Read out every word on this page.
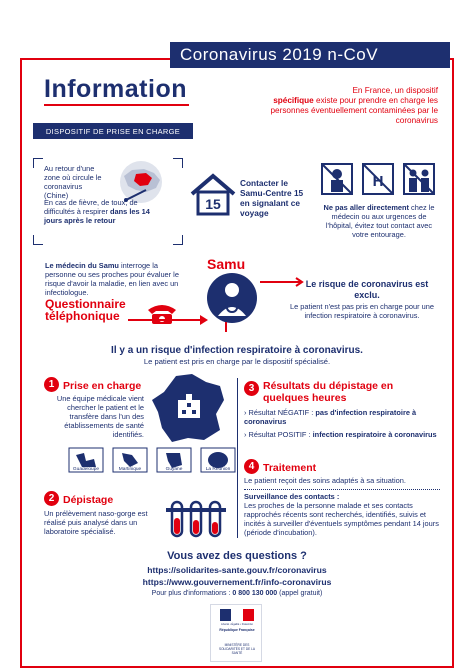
Coronavirus 2019 n-CoV
Information
DISPOSITIF DE PRISE EN CHARGE
En France, un dispositif
spécifique existe pour prendre en charge les personnes éventuellement contaminées par le coronavirus
Au retour d'une zone où circule le coronavirus
(Chine)
En cas de fièvre, de toux, de difficultés à respirer dans les 14 jours après le retour
15
Contacter le Samu-Centre 15 en signalant ce voyage
H
Ne pas aller directement chez le médecin ou aux urgences de l'hôpital, évitez tout contact avec votre entourage.
Le médecin du Samu interroge la personne ou ses proches pour évaluer le risque d'avoir la maladie, en lien avec un infectiologue.
Samu
Questionnaire téléphonique
Le risque de coronavirus est exclu.
Le patient n'est pas pris en charge pour une infection respiratoire à coronavirus.
Il y a un risque d'infection respiratoire à coronavirus.
Le patient est pris en charge par le dispositif spécialisé.
1 Prise en charge
Une équipe médicale vient chercher le patient et le transfère dans l'un des établissements de santé identifiés.
Guadeloupe	Martinique	Guyane	La Réunion
2 Dépistage
Un prélèvement naso-gorge est réalisé puis analysé dans un laboratoire spécialisé.
3 Résultats du dépistage en quelques heures
› Résultat NÉGATIF : pas d'infection respiratoire à coronavirus
› Résultat POSITIF : infection respiratoire à coronavirus
4 Traitement
Le patient reçoit des soins adaptés à sa situation.
Surveillance des contacts :
Les proches de la personne malade et ses contacts rapprochés récents sont recherchés, identifiés, suivis et incités à surveiller d'éventuels symptômes pendant 14 jours (période d'incubation).
Vous avez des questions ?
https://solidarites-sante.gouv.fr/coronavirus
https://www.gouvernement.fr/info-coronavirus
Pour plus d'informations : 0 800 130 000 (appel gratuit)
Liberté • Égalité • Fraternité
République Française
MINISTÈRE DES SOLIDARITÉS ET DE LA SANTÉ
